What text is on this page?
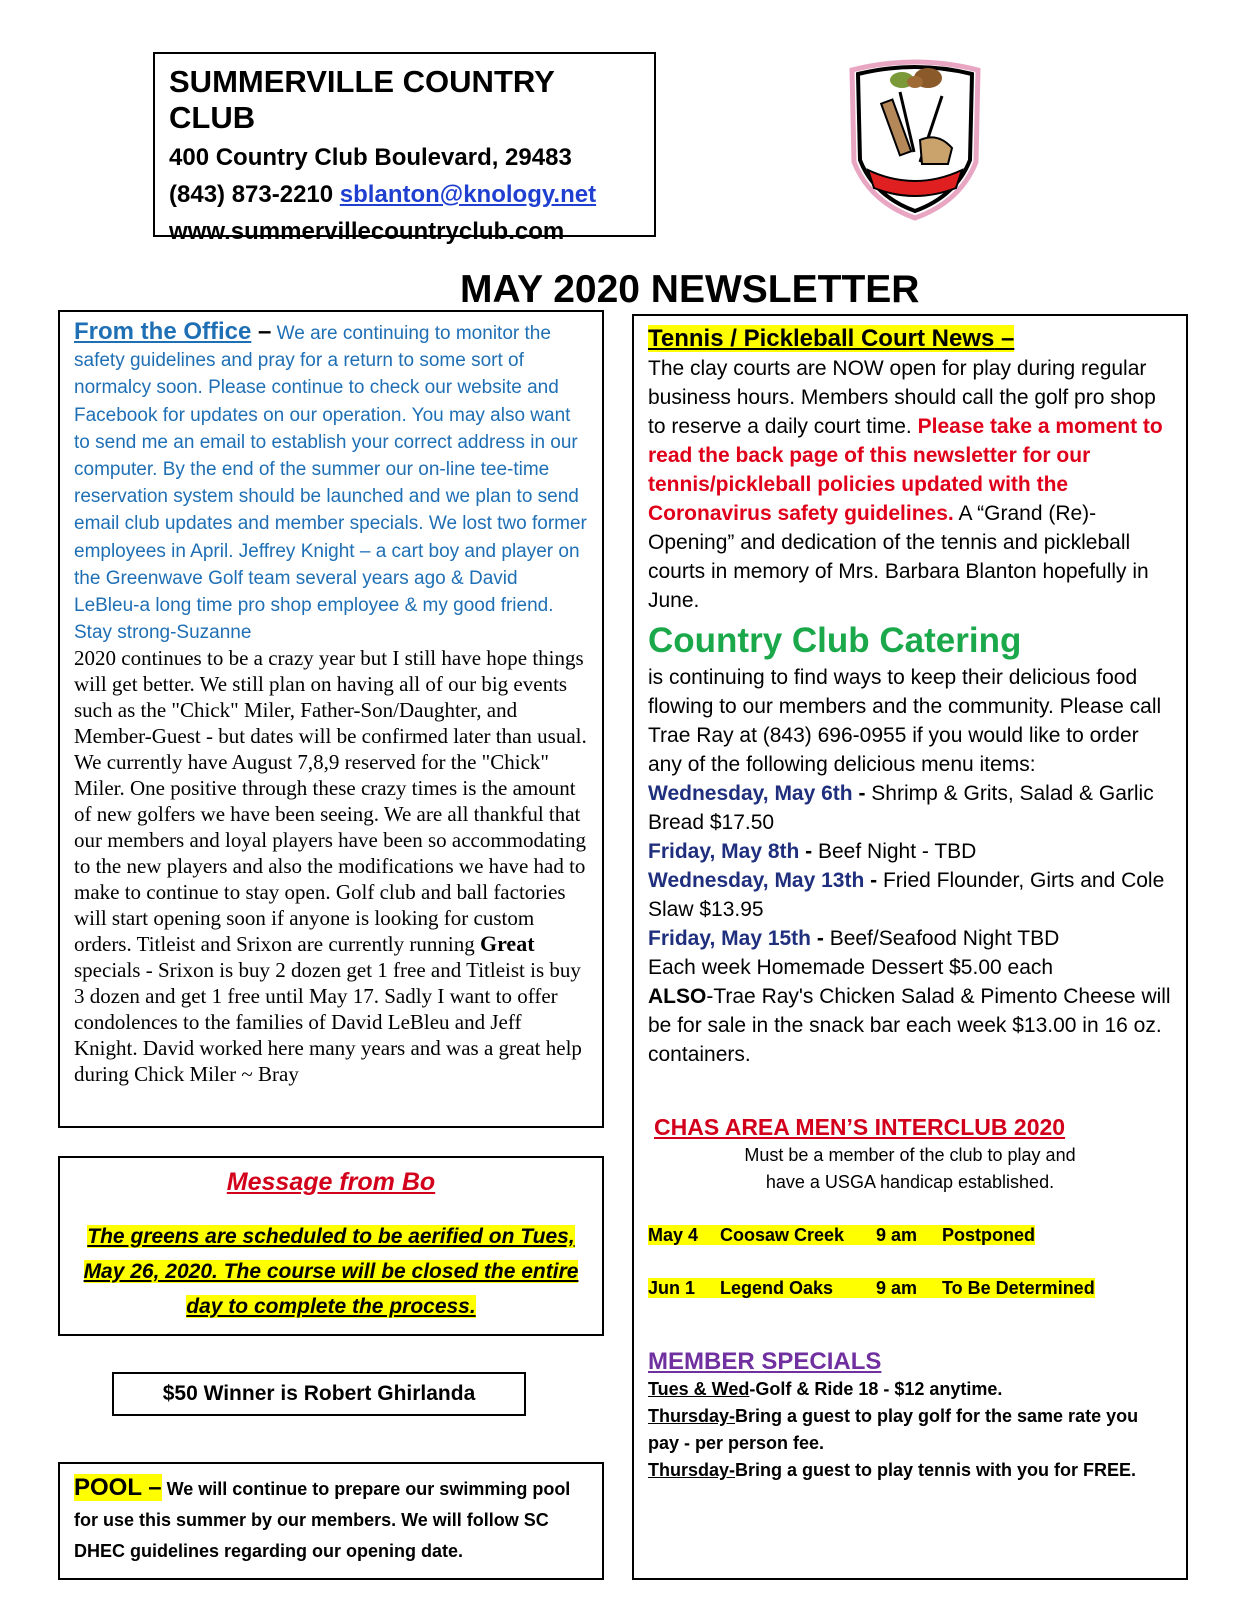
SUMMERVILLE COUNTRY CLUB
400 Country Club Boulevard, 29483
(843) 873-2210 sblanton@knology.net
www.summervillecountryclub.com
MAY 2020 NEWSLETTER
From the Office – We are continuing to monitor the safety guidelines and pray for a return to some sort of normalcy soon. Please continue to check our website and Facebook for updates on our operation. You may also want to send me an email to establish your correct address in our computer. By the end of the summer our on-line tee-time reservation system should be launched and we plan to send email club updates and member specials. We lost two former employees in April. Jeffrey Knight – a cart boy and player on the Greenwave Golf team several years ago & David LeBleu-a long time pro shop employee & my good friend. Stay strong-Suzanne
2020 continues to be a crazy year but I still have hope things will get better. We still plan on having all of our big events such as the "Chick" Miler, Father-Son/Daughter, and Member-Guest - but dates will be confirmed later than usual. We currently have August 7,8,9 reserved for the "Chick" Miler. One positive through these crazy times is the amount of new golfers we have been seeing. We are all thankful that our members and loyal players have been so accommodating to the new players and also the modifications we have had to make to continue to stay open. Golf club and ball factories will start opening soon if anyone is looking for custom orders. Titleist and Srixon are currently running Great specials - Srixon is buy 2 dozen get 1 free and Titleist is buy 3 dozen and get 1 free until May 17. Sadly I want to offer condolences to the families of David LeBleu and Jeff Knight. David worked here many years and was a great help during Chick Miler ~ Bray
Message from Bo
The greens are scheduled to be aerified on Tues, May 26, 2020. The course will be closed the entire day to complete the process.
$50 Winner is Robert Ghirlanda
POOL – We will continue to prepare our swimming pool for use this summer by our members. We will follow SC DHEC guidelines regarding our opening date.
Tennis / Pickleball Court News –
The clay courts are NOW open for play during regular business hours. Members should call the golf pro shop to reserve a daily court time. Please take a moment to read the back page of this newsletter for our tennis/pickleball policies updated with the Coronavirus safety guidelines. A “Grand (Re)-Opening” and dedication of the tennis and pickleball courts in memory of Mrs. Barbara Blanton hopefully in June.
Country Club Catering
is continuing to find ways to keep their delicious food flowing to our members and the community. Please call Trae Ray at (843) 696-0955 if you would like to order any of the following delicious menu items:
Wednesday, May 6th - Shrimp & Grits, Salad & Garlic Bread $17.50
Friday, May 8th - Beef Night - TBD
Wednesday, May 13th - Fried Flounder, Girts and Cole Slaw $13.95
Friday, May 15th - Beef/Seafood Night TBD
Each week Homemade Dessert $5.00 each
ALSO-Trae Ray's Chicken Salad & Pimento Cheese will be for sale in the snack bar each week $13.00 in 16 oz. containers.
CHAS AREA MEN’S INTERCLUB 2020
Must be a member of the club to play and
have a USGA handicap established.
May 4 Coosaw Creek 9 am Postponed
Jun 1 Legend Oaks 9 am To Be Determined
MEMBER SPECIALS
Tues & Wed-Golf & Ride 18 - $12 anytime.
Thursday-Bring a guest to play golf for the same rate you pay - per person fee.
Thursday-Bring a guest to play tennis with you for FREE.
